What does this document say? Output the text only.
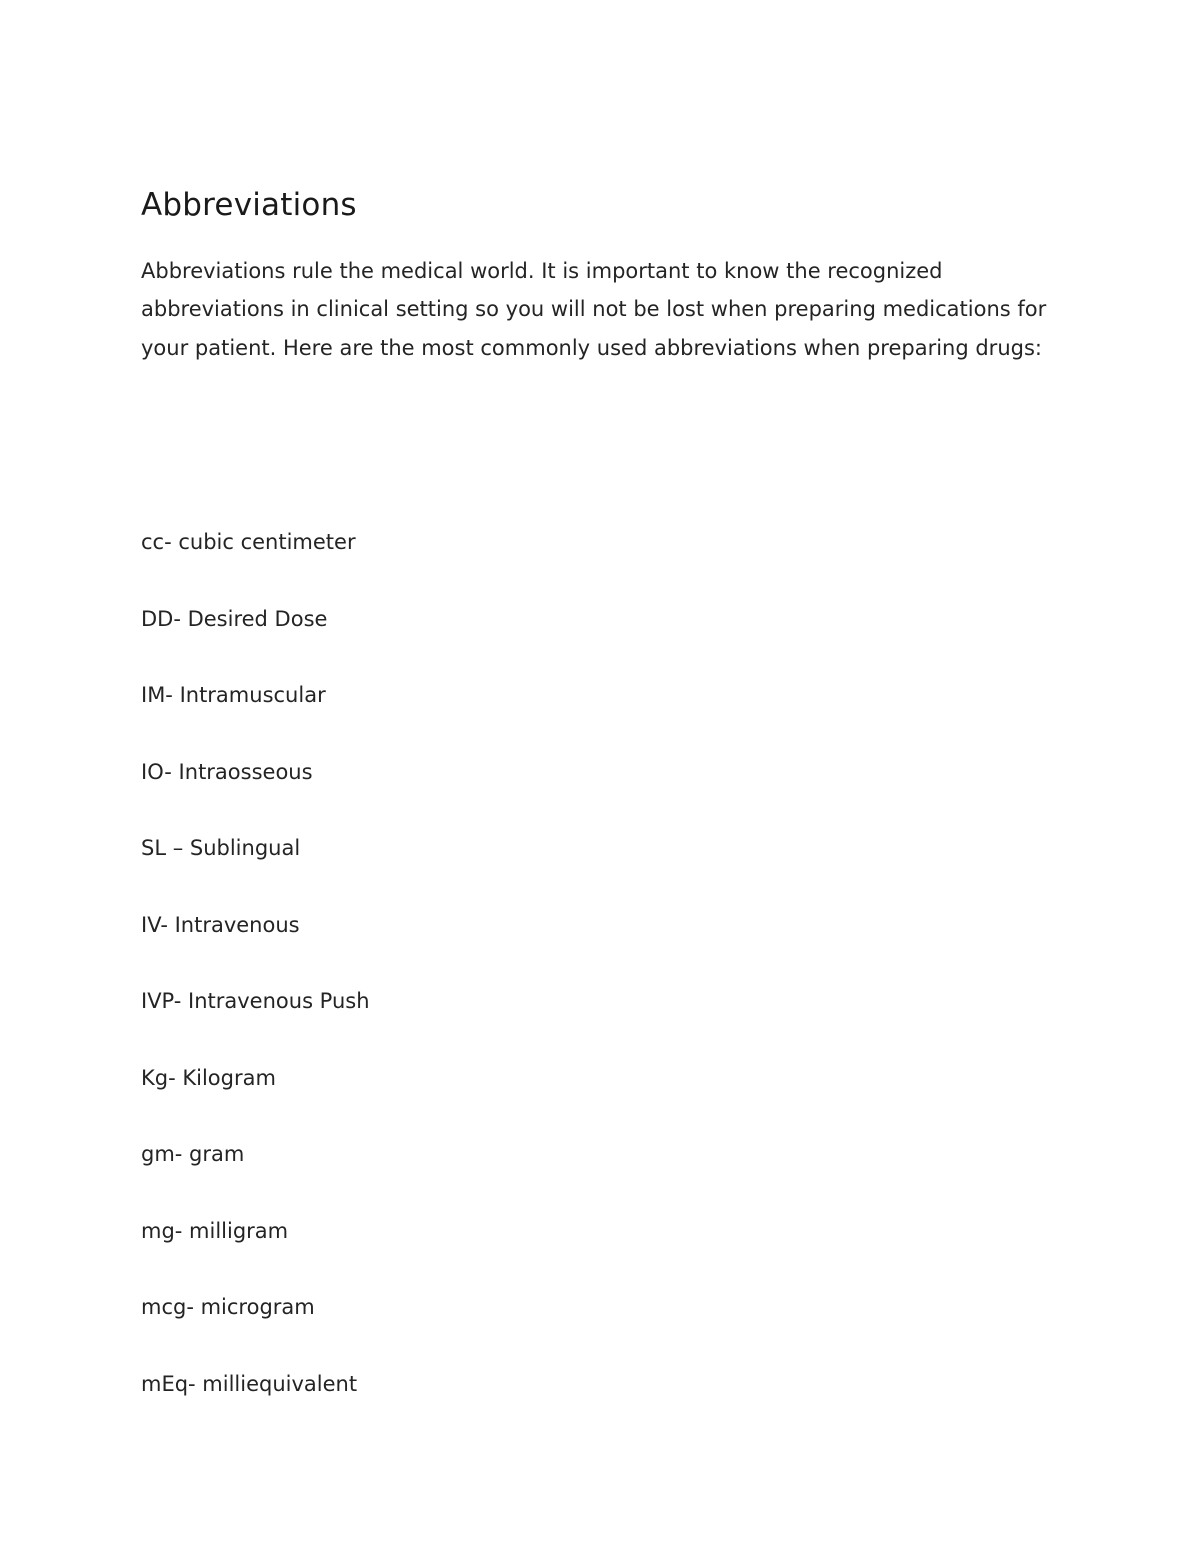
Abbreviations

Abbreviations rule the medical world. It is important to know the recognized abbreviations in clinical setting so you will not be lost when preparing medications for your patient. Here are the most commonly used abbreviations when preparing drugs:

cc- cubic centimeter
DD- Desired Dose
IM- Intramuscular
IO- Intraosseous
SL – Sublingual
IV- Intravenous
IVP- Intravenous Push
Kg- Kilogram
gm- gram
mg- milligram
mcg- microgram
mEq- milliequivalent
